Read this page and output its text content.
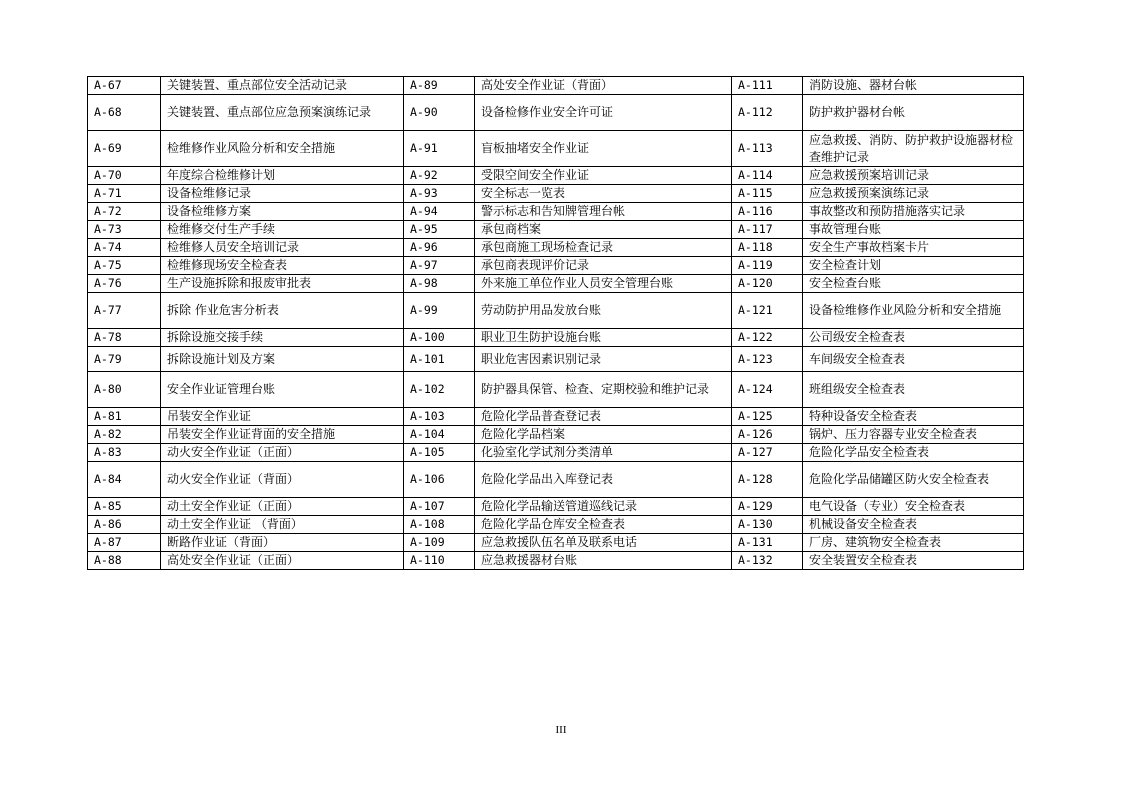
A-67	关键装置、重点部位安全活动记录	A-89	高处安全作业证（背面）	A-111	消防设施、器材台帐
A-68	关键装置、重点部位应急预案演练记录	A-90	设备检修作业安全许可证	A-112	防护救护器材台帐
A-69	检维修作业风险分析和安全措施	A-91	盲板抽堵安全作业证	A-113	应急救援、消防、防护救护设施器材检查维护记录
A-70	年度综合检维修计划	A-92	受限空间安全作业证	A-114	应急救援预案培训记录
A-71	设备检维修记录	A-93	安全标志一览表	A-115	应急救援预案演练记录
A-72	设备检维修方案	A-94	警示标志和告知牌管理台帐	A-116	事故整改和预防措施落实记录
A-73	检维修交付生产手续	A-95	承包商档案	A-117	事故管理台账
A-74	检维修人员安全培训记录	A-96	承包商施工现场检查记录	A-118	安全生产事故档案卡片
A-75	检维修现场安全检查表	A-97	承包商表现评价记录	A-119	安全检查计划
A-76	生产设施拆除和报废审批表	A-98	外来施工单位作业人员安全管理台账	A-120	安全检查台账
A-77	拆除 作业危害分析表	A-99	劳动防护用品发放台账	A-121	设备检维修作业风险分析和安全措施
A-78	拆除设施交接手续	A-100	职业卫生防护设施台账	A-122	公司级安全检查表
A-79	拆除设施计划及方案	A-101	职业危害因素识别记录	A-123	车间级安全检查表
A-80	安全作业证管理台账	A-102	防护器具保管、检查、定期校验和维护记录	A-124	班组级安全检查表
A-81	吊装安全作业证	A-103	危险化学品普查登记表	A-125	特种设备安全检查表
A-82	吊装安全作业证背面的安全措施	A-104	危险化学品档案	A-126	锅炉、压力容器专业安全检查表
A-83	动火安全作业证（正面）	A-105	化验室化学试剂分类清单	A-127	危险化学品安全检查表
A-84	动火安全作业证（背面）	A-106	危险化学品出入库登记表	A-128	危险化学品储罐区防火安全检查表
A-85	动土安全作业证（正面）	A-107	危险化学品输送管道巡线记录	A-129	电气设备（专业）安全检查表
A-86	动土安全作业证 （背面）	A-108	危险化学品仓库安全检查表	A-130	机械设备安全检查表
A-87	断路作业证（背面）	A-109	应急救援队伍名单及联系电话	A-131	厂房、建筑物安全检查表
A-88	高处安全作业证（正面）	A-110	应急救援器材台账	A-132	安全装置安全检查表
III
